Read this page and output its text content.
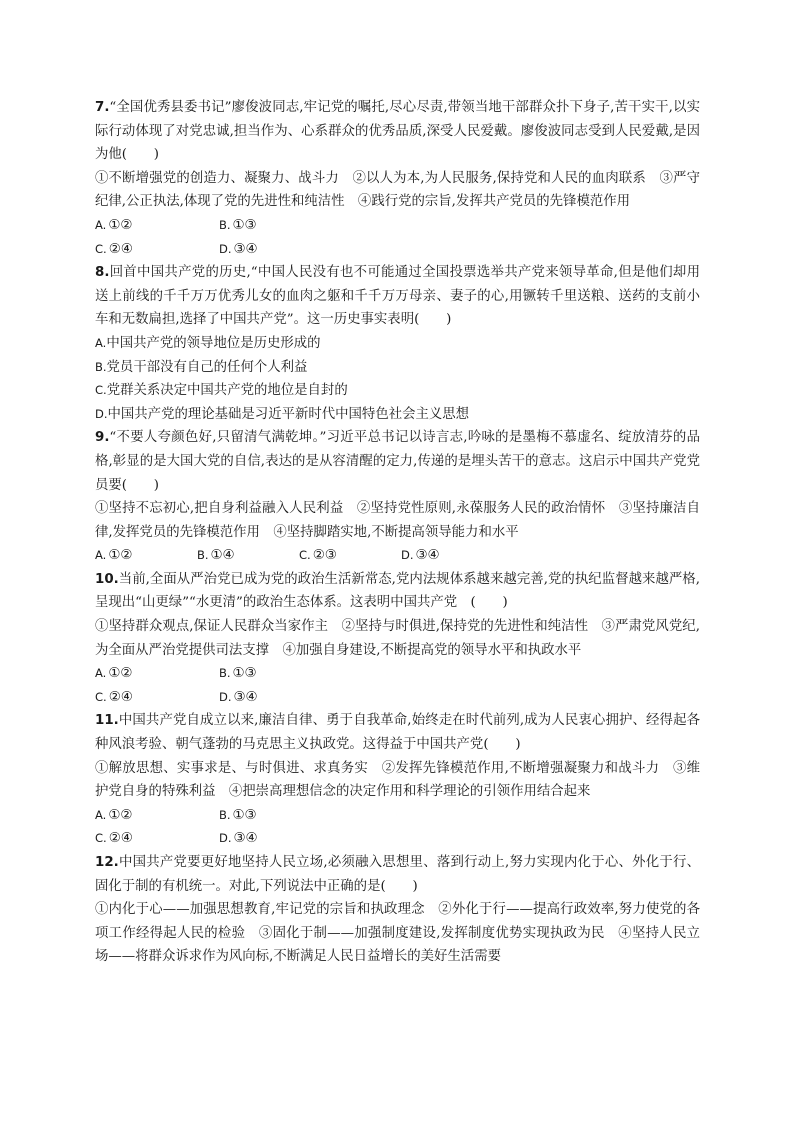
7.“全国优秀县委书记”廖俊波同志,牢记党的嘱托,尽心尽责,带领当地干部群众扑下身子,苦干实干,以实际行动体现了对党忠诚,担当作为、心系群众的优秀品质,深受人民爱戴。廖俊波同志受到人民爱戴,是因为他(　　)
①不断增强党的创造力、凝聚力、战斗力　②以人为本,为人民服务,保持党和人民的血肉联系　③严守纪律,公正执法,体现了党的先进性和纯洁性　④践行党的宗旨,发挥共产党员的先锋模范作用
A. ①②	B. ①③
C. ②④	D. ③④
8.回首中国共产党的历史,“中国人民没有也不可能通过全国投票选举共产党来领导革命,但是他们却用送上前线的千千万万优秀儿女的血肉之躯和千千万万母亲、妻子的心,用镢转千里送粮、送药的支前小车和无数扁担,选择了中国共产党”。这一历史事实表明(　　)
A.中国共产党的领导地位是历史形成的
B.党员干部没有自己的任何个人利益
C.党群关系决定中国共产党的地位是自封的
D.中国共产党的理论基础是习近平新时代中国特色社会主义思想
9.“不要人夸颜色好,只留清气满乾坤。”习近平总书记以诗言志,吟咏的是墨梅不慕虚名、绽放清芬的品格,彰显的是大国大党的自信,表达的是从容清醒的定力,传递的是埋头苦干的意志。这启示中国共产党党员要(　　)
①坚持不忘初心,把自身利益融入人民利益　②坚持党性原则,永葆服务人民的政治情怀　③坚持廉洁自律,发挥党员的先锋模范作用　④坚持脚踏实地,不断提高领导能力和水平
A. ①②	B. ①④	C. ②③	D. ③④
10.当前,全面从严治党已成为党的政治生活新常态,党内法规体系越来越完善,党的执纪监督越来越严格,呈现出“山更绿”“水更清”的政治生态体系。这表明中国共产党　(　　)
①坚持群众观点,保证人民群众当家作主　②坚持与时俱进,保持党的先进性和纯洁性　③严肃党风党纪,为全面从严治党提供司法支撑　④加强自身建设,不断提高党的领导水平和执政水平
A. ①②	B. ①③
C. ②④	D. ③④
11.中国共产党自成立以来,廉洁自律、勇于自我革命,始终走在时代前列,成为人民衷心拥护、经得起各种风浪考验、朝气蓬勃的马克思主义执政党。这得益于中国共产党(　　)
①解放思想、实事求是、与时俱进、求真务实　②发挥先锋模范作用,不断增强凝聚力和战斗力　③维护党自身的特殊利益　④把崇高理想信念的决定作用和科学理论的引领作用结合起来
A. ①②	B. ①③
C. ②④	D. ③④
12.中国共产党要更好地坚持人民立场,必须融入思想里、落到行动上,努力实现内化于心、外化于行、固化于制的有机统一。对此,下列说法中正确的是(　　)
①内化于心——加强思想教育,牢记党的宗旨和执政理念　②外化于行——提高行政效率,努力使党的各项工作经得起人民的检验　③固化于制——加强制度建设,发挥制度优势实现执政为民　④坚持人民立场——将群众诉求作为风向标,不断满足人民日益增长的美好生活需要
